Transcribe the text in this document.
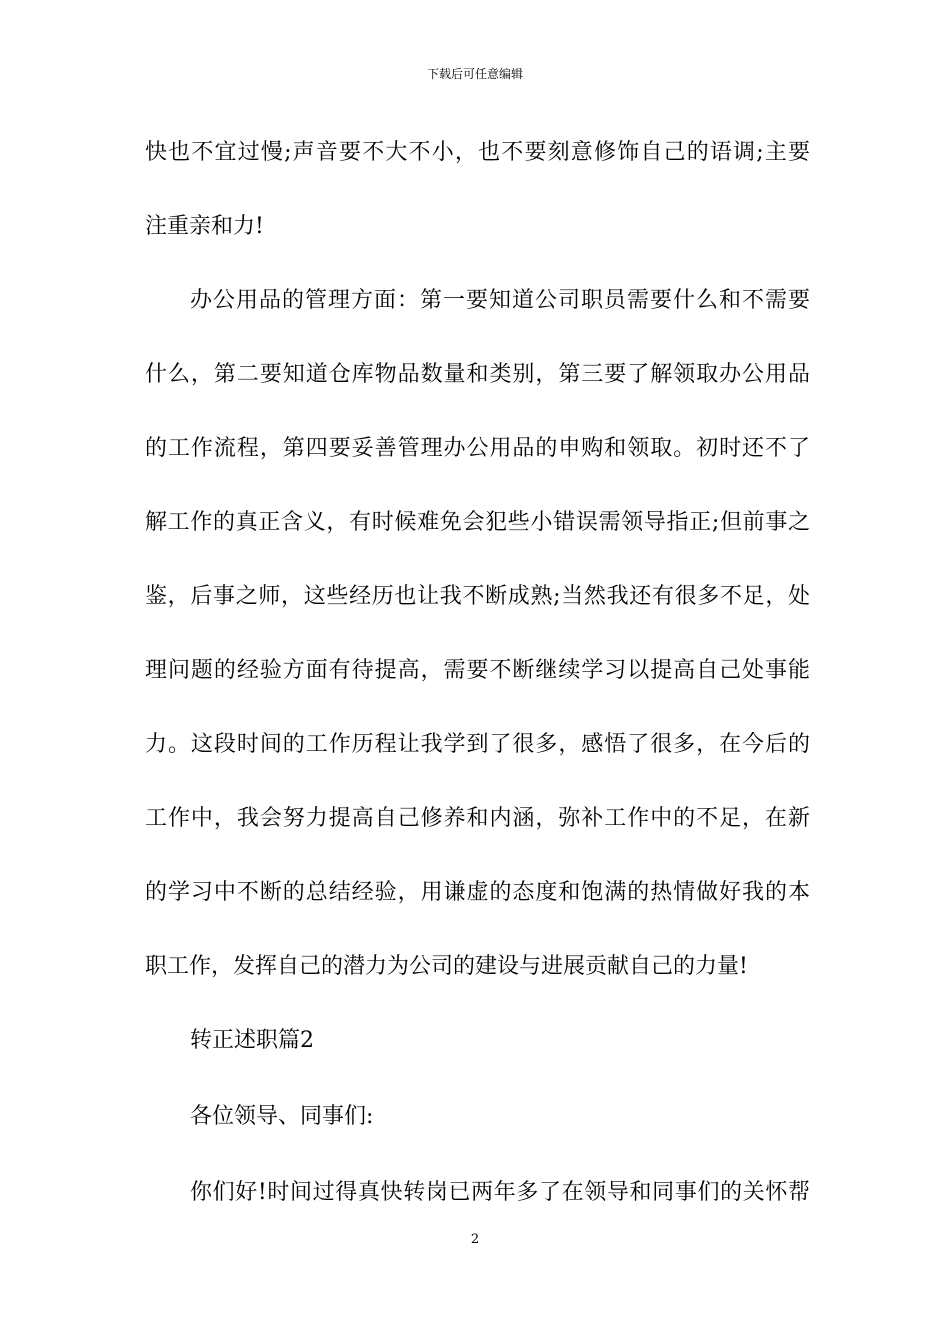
下载后可任意编辑
快也不宜过慢;声音要不大不小，也不要刻意修饰自己的语调;主要
注重亲和力!
办公用品的管理方面：第一要知道公司职员需要什么和不需要
什么，第二要知道仓库物品数量和类别，第三要了解领取办公用品
的工作流程，第四要妥善管理办公用品的申购和领取。初时还不了
解工作的真正含义，有时候难免会犯些小错误需领导指正;但前事之
鉴，后事之师，这些经历也让我不断成熟;当然我还有很多不足，处
理问题的经验方面有待提高，需要不断继续学习以提高自己处事能
力。这段时间的工作历程让我学到了很多，感悟了很多，在今后的
工作中，我会努力提高自己修养和内涵，弥补工作中的不足，在新
的学习中不断的总结经验，用谦虚的态度和饱满的热情做好我的本
职工作，发挥自己的潜力为公司的建设与进展贡献自己的力量!
转正述职篇2
各位领导、同事们:
你们好!时间过得真快转岗已两年多了在领导和同事们的关怀帮
2
